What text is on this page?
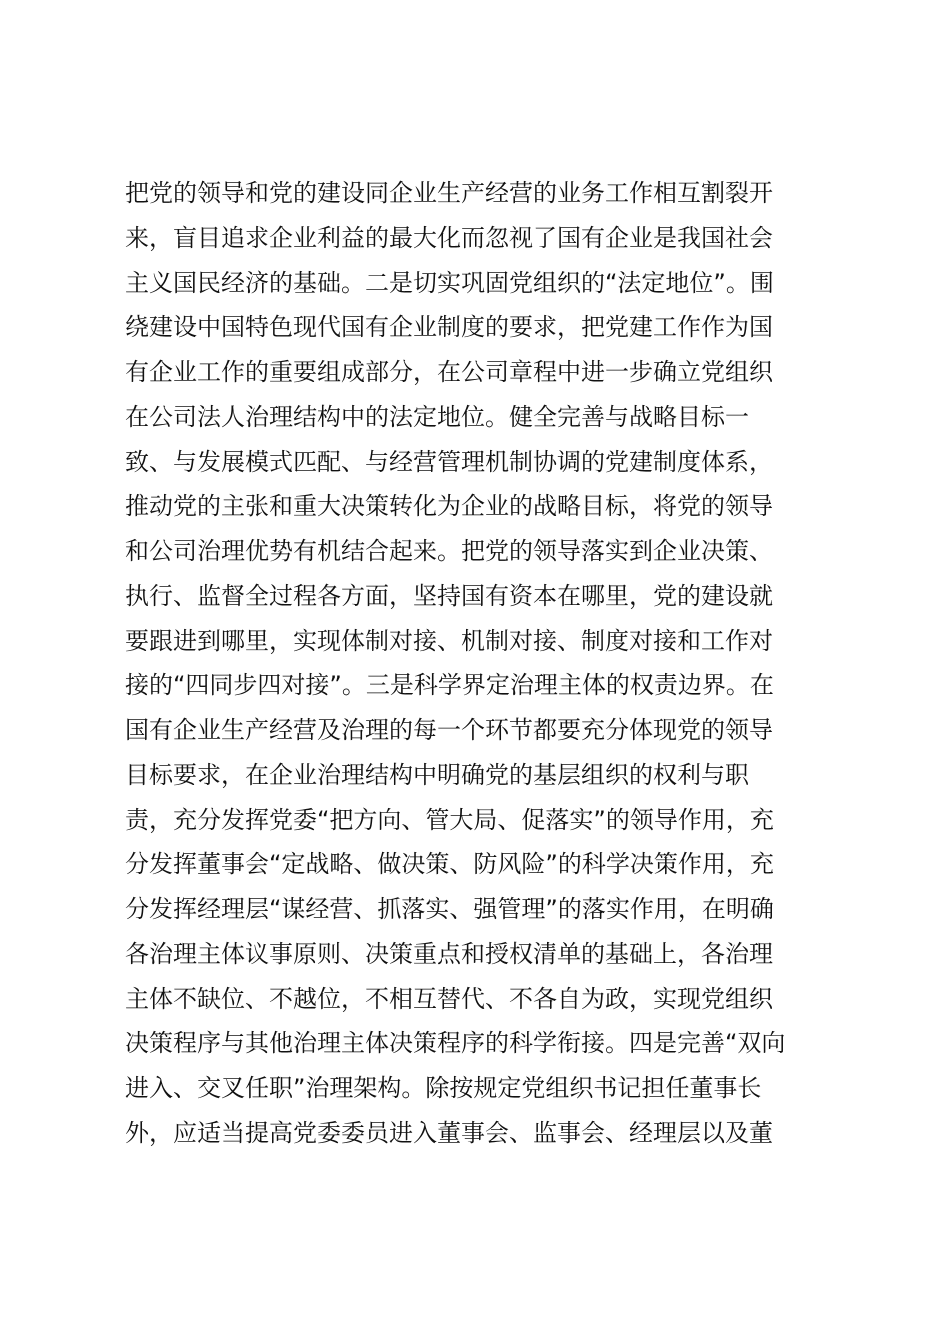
把党的领导和党的建设同企业生产经营的业务工作相互割裂开
来，盲目追求企业利益的最大化而忽视了国有企业是我国社会
主义国民经济的基础。二是切实巩固党组织的“法定地位”。围
绕建设中国特色现代国有企业制度的要求，把党建工作作为国
有企业工作的重要组成部分，在公司章程中进一步确立党组织
在公司法人治理结构中的法定地位。健全完善与战略目标一
致、与发展模式匹配、与经营管理机制协调的党建制度体系，
推动党的主张和重大决策转化为企业的战略目标，将党的领导
和公司治理优势有机结合起来。把党的领导落实到企业决策、
执行、监督全过程各方面，坚持国有资本在哪里，党的建设就
要跟进到哪里，实现体制对接、机制对接、制度对接和工作对
接的“四同步四对接”。三是科学界定治理主体的权责边界。在
国有企业生产经营及治理的每一个环节都要充分体现党的领导
目标要求，在企业治理结构中明确党的基层组织的权利与职
责，充分发挥党委“把方向、管大局、促落实”的领导作用，充
分发挥董事会“定战略、做决策、防风险”的科学决策作用，充
分发挥经理层“谋经营、抓落实、强管理”的落实作用，在明确
各治理主体议事原则、决策重点和授权清单的基础上，各治理
主体不缺位、不越位，不相互替代、不各自为政，实现党组织
决策程序与其他治理主体决策程序的科学衔接。四是完善“双向
进入、交叉任职”治理架构。除按规定党组织书记担任董事长
外，应适当提高党委委员进入董事会、监事会、经理层以及董
